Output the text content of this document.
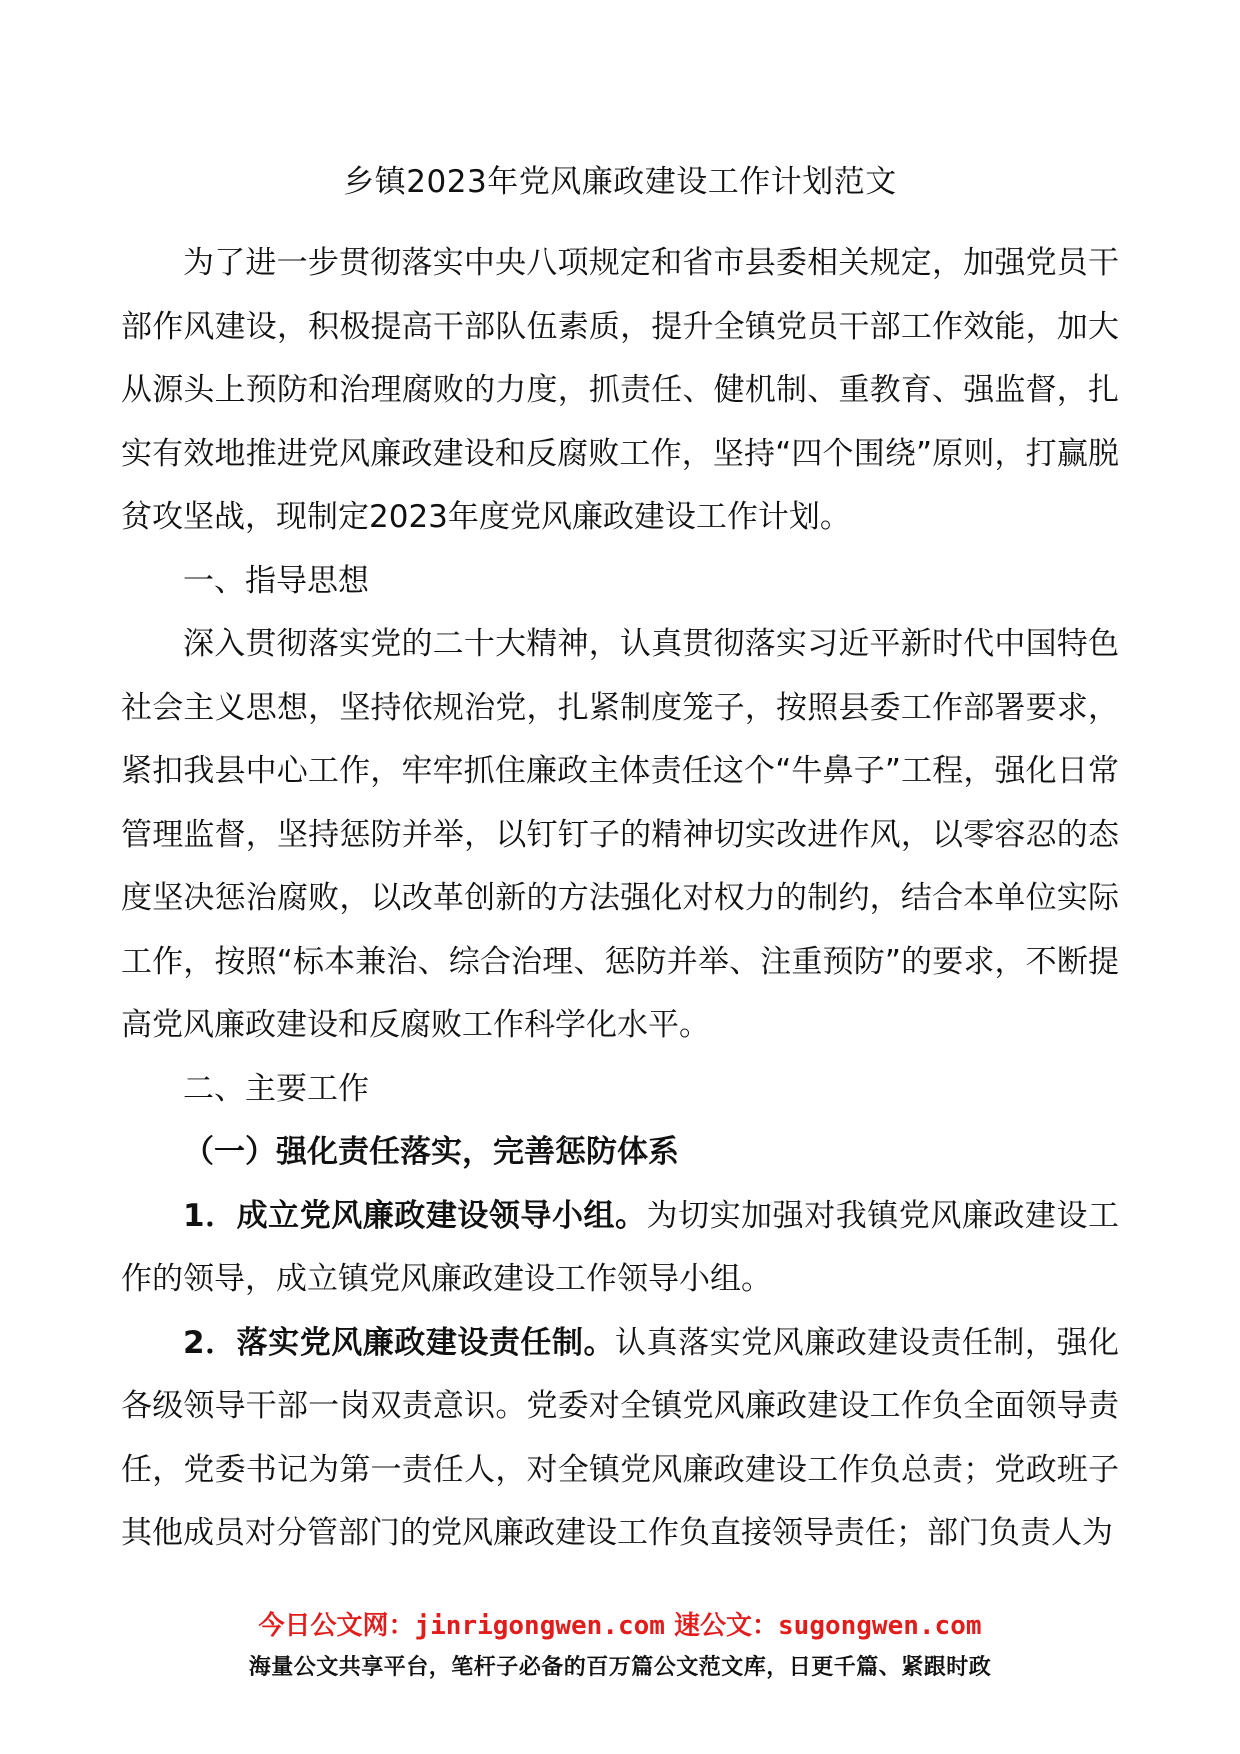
乡镇2023年党风廉政建设工作计划范文

为了进一步贯彻落实中央八项规定和省市县委相关规定，加强党员干部作风建设，积极提高干部队伍素质，提升全镇党员干部工作效能，加大从源头上预防和治理腐败的力度，抓责任、健机制、重教育、强监督，扎实有效地推进党风廉政建设和反腐败工作，坚持“四个围绕”原则，打赢脱贫攻坚战，现制定2023年度党风廉政建设工作计划。

一、指导思想

深入贯彻落实党的二十大精神，认真贯彻落实习近平新时代中国特色社会主义思想，坚持依规治党，扎紧制度笼子，按照县委工作部署要求，紧扣我县中心工作，牢牢抓住廉政主体责任这个“牛鼻子”工程，强化日常管理监督，坚持惩防并举，以钉钉子的精神切实改进作风，以零容忍的态度坚决惩治腐败，以改革创新的方法强化对权力的制约，结合本单位实际工作，按照“标本兼治、综合治理、惩防并举、注重预防”的要求，不断提高党风廉政建设和反腐败工作科学化水平。

二、主要工作

（一）强化责任落实，完善惩防体系

1．成立党风廉政建设领导小组。为切实加强对我镇党风廉政建设工作的领导，成立镇党风廉政建设工作领导小组。

2．落实党风廉政建设责任制。认真落实党风廉政建设责任制，强化各级领导干部一岗双责意识。党委对全镇党风廉政建设工作负全面领导责任，党委书记为第一责任人，对全镇党风廉政建设工作负总责；党政班子其他成员对分管部门的党风廉政建设工作负直接领导责任；部门负责人为

今日公文网：jinrigongwen.com 速公文：sugongwen.com
海量公文共享平台，笔杆子必备的百万篇公文范文库，日更千篇、紧跟时政
